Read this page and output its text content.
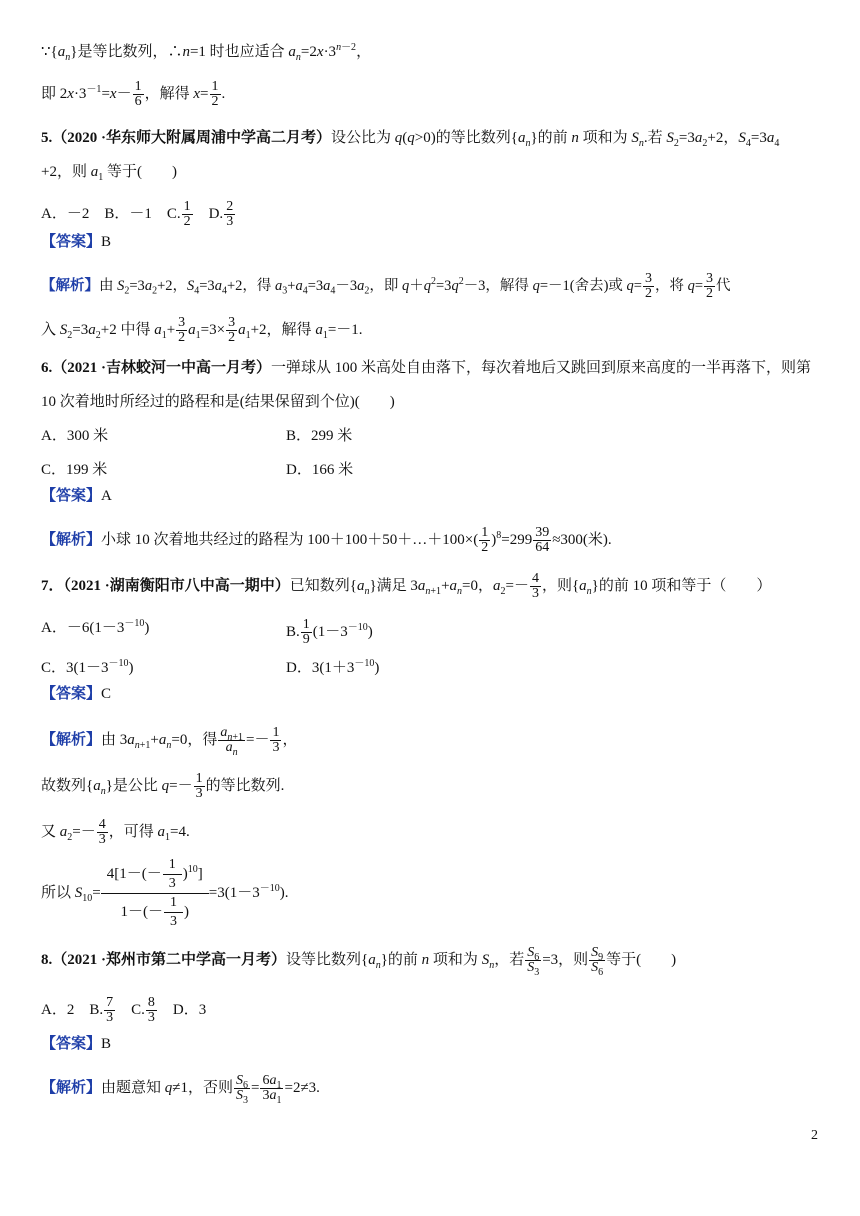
$\because\{a_n\}$是等比数列，∴n=1 时也应适合 $a_n=2x\cdot 3^{n-2}$，
即 $2x\cdot 3^{-1}=x- \frac{1}{6}$ ，解得 $x= \frac{1}{2}$ .
5.（2020 ·华东师大附属周浦中学高二月考）设公比为 q(q>0)的等比数列$\{a_n\}$的前 n 项和为 $S_n$.若 $S_2=3a_2+2$，$S_4=3a_4$
+2，则 $a_1$ 等于(　　)
A．－2　B．－1　C. $\frac{1}{2}$ 　D. $\frac{2}{3}$
【答案】B
【解析】由 $S_2=3a_2+2$，$S_4=3a_4+2$，得 $a_3+a_4=3a_4-3a_2$，即 $q+q^2=3q^2-3$，解得 q=－1(舍去)或 $q= \frac{3}{2}$ ，将 $q= \frac{3}{2}$ 代
入 $S_2=3a_2+2$ 中得 $a_1+ \frac{3}{2} a_1=3\times \frac{3}{2} a_1+2$，解得 $a_1=-1$.
6.（2021 ·吉林蛟河一中高一月考）一弹球从 100 米高处自由落下，每次着地后又跳回到原来高度的一半再落下，则第
10 次着地时所经过的路程和是(结果保留到个位)(　　)
A．300 米	B．299 米
C．199 米	D．166 米
【答案】A
【解析】小球 10 次着地共经过的路程为 100＋100＋50＋…＋100×( $\frac{1}{2} )^8=299 \frac{39}{64} \approx 300$(米).
7．（2021 ·湖南衡阳市八中高一期中）已知数列$\{a_n\}$满足 $3a_{n+1}+a_n=0$，$a_2=- \frac{4}{3}$ ，则$\{a_n\}$的前 10 项和等于（　　）
A．$-6(1-3^{-10})$	B. $\frac{1}{9} (1-3^{-10})$
C．$3(1-3^{-10})$	D．$3(1+3^{-10})$
【答案】C
【解析】由 $3a_{n+1}+a_n=0$，得 $\frac{a_{n+1}}{a_n} =- \frac{1}{3}$ ，
故数列$\{a_n\}$是公比 $q=- \frac{1}{3}$ 的等比数列.
又 $a_2=- \frac{4}{3}$ ，可得 $a_1=4$.
所以 $S_{10}= \frac{4[1-(- \frac{1}{3} )^{10}]}{1-(- \frac{1}{3} )} =3(1-3^{-10})$.
8.（2021 ·郑州市第二中学高一月考）设等比数列$\{a_n\}$的前 n 项和为 $S_n$，若 $\frac{S_6}{S_3} =3$，则 $\frac{S_9}{S_6}$ 等于(　　)
A．2　B. $\frac{7}{3}$ 　C. $\frac{8}{3}$ 　D．3
【答案】B
【解析】由题意知 q≠1，否则 $\frac{S_6}{S_3} = \frac{6a_1}{3a_1} =2\ne 3$.
2
